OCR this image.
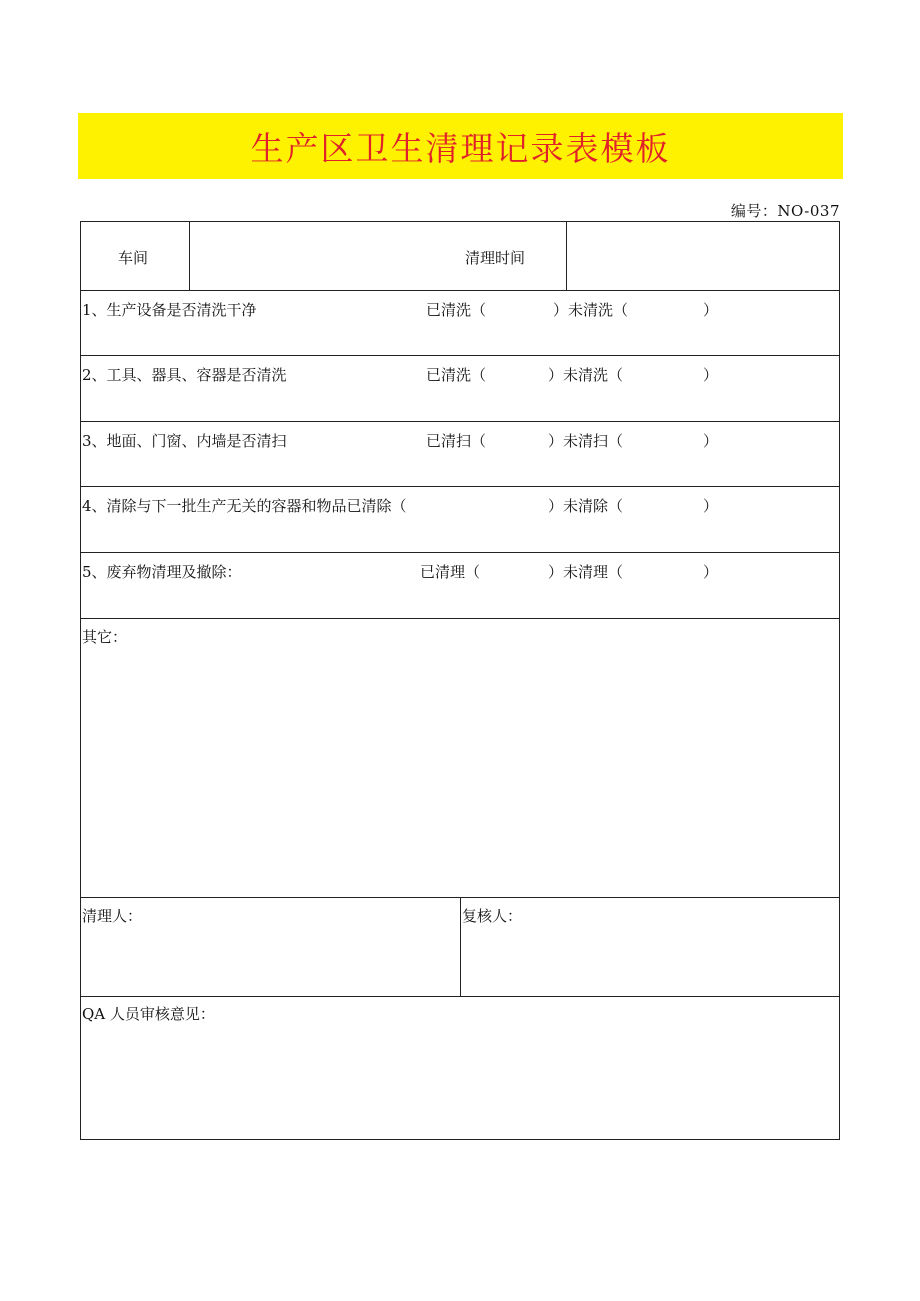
生产区卫生清理记录表模板
编号：NO-037
车间	清理时间
1、生产设备是否清洗干净	已清洗（	）未清洗（	）
2、工具、器具、容器是否清洗	已清洗（	）未清洗（	）
3、地面、门窗、内墙是否清扫	已清扫（	）未清扫（	）
4、清除与下一批生产无关的容器和物品已清除（	）未清除（	）
5、废弃物清理及撤除：	已清理（	）未清理（	）
其它：
清理人：	复核人：
QA 人员审核意见：
